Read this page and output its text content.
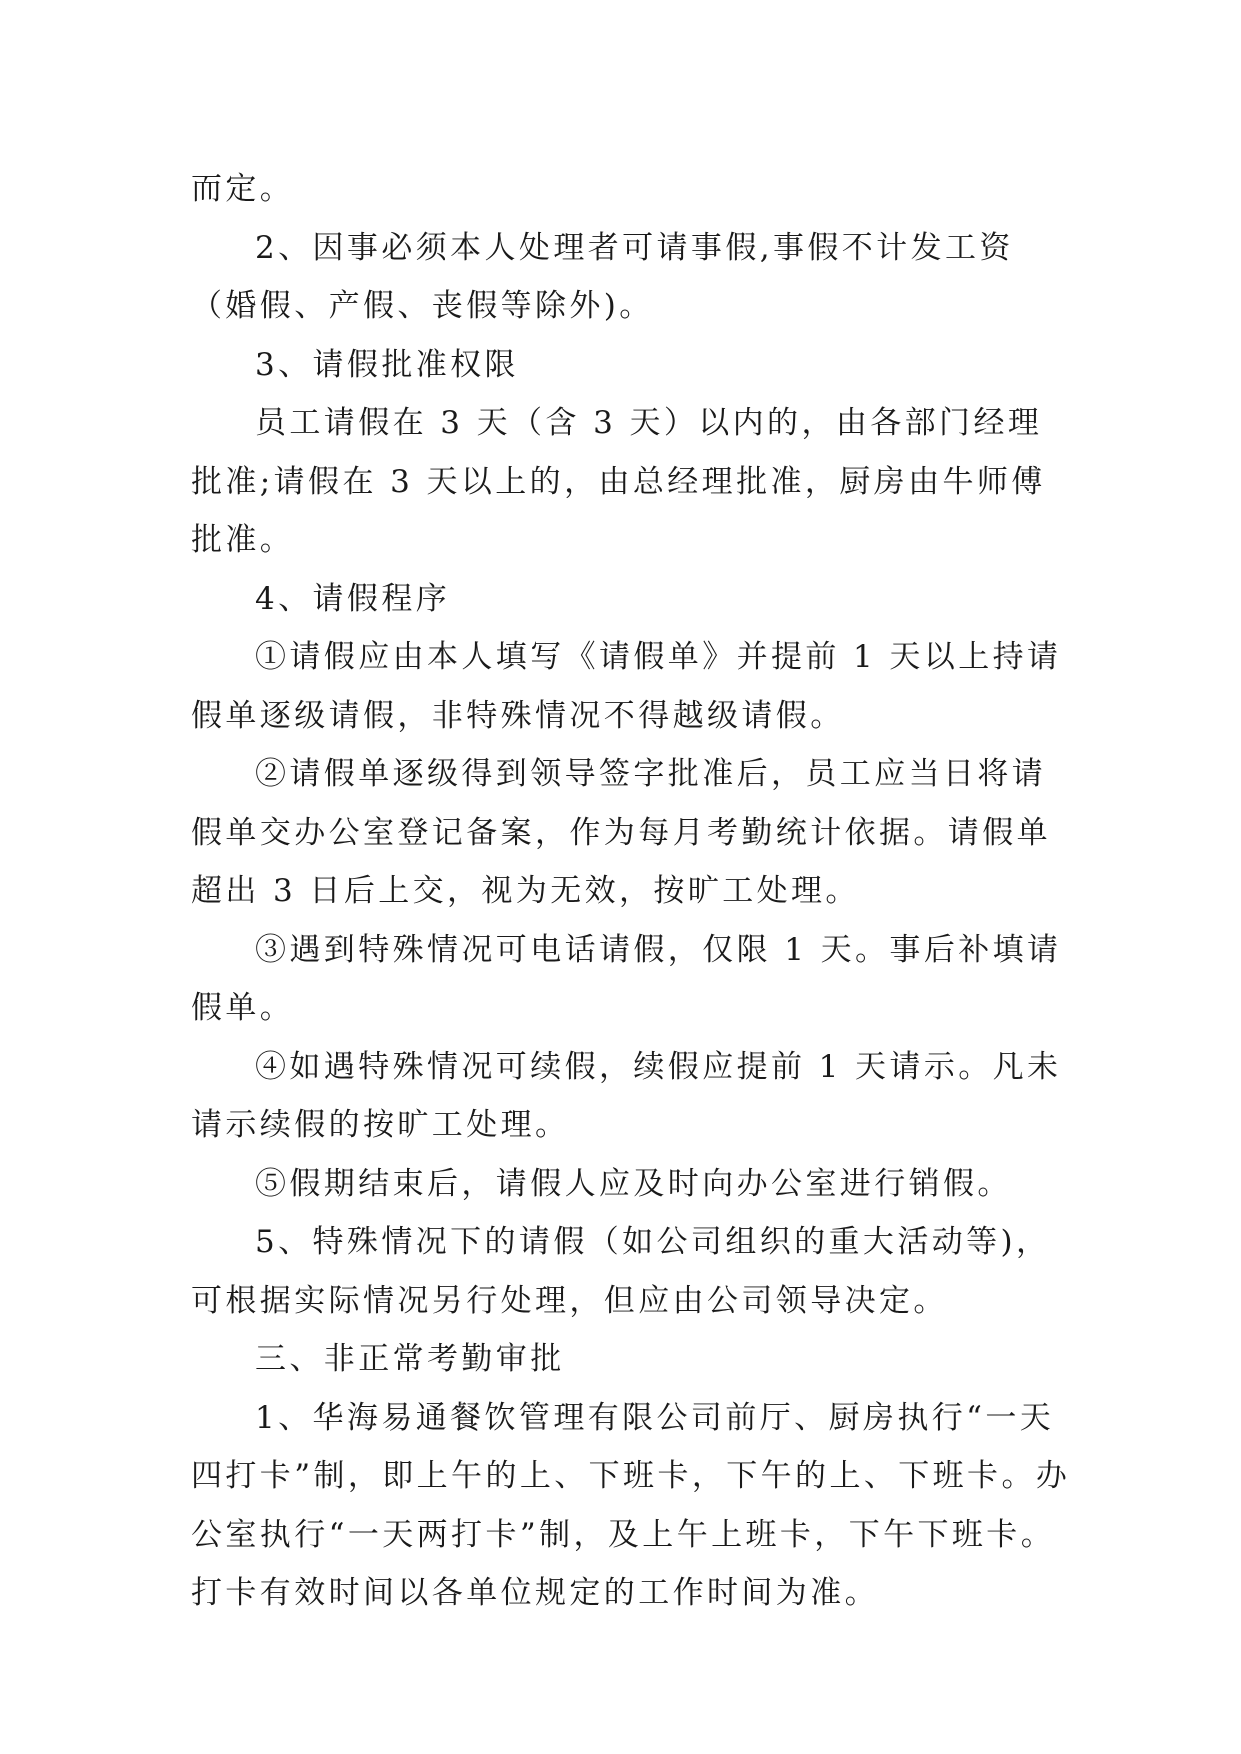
而定。

2、因事必须本人处理者可请事假,事假不计发工资（婚假、产假、丧假等除外)。

3、请假批准权限

员工请假在 3 天（含 3 天）以内的，由各部门经理批准;请假在 3 天以上的，由总经理批准，厨房由牛师傅批准。

4、请假程序

①请假应由本人填写《请假单》并提前 1 天以上持请假单逐级请假，非特殊情况不得越级请假。

②请假单逐级得到领导签字批准后，员工应当日将请假单交办公室登记备案，作为每月考勤统计依据。请假单超出 3 日后上交，视为无效，按旷工处理。

③遇到特殊情况可电话请假，仅限 1 天。事后补填请假单。

④如遇特殊情况可续假，续假应提前 1 天请示。凡未请示续假的按旷工处理。

⑤假期结束后，请假人应及时向办公室进行销假。

5、特殊情况下的请假（如公司组织的重大活动等)，可根据实际情况另行处理，但应由公司领导决定。

三、非正常考勤审批

1、华海易通餐饮管理有限公司前厅、厨房执行“一天四打卡”制，即上午的上、下班卡，下午的上、下班卡。办公室执行“一天两打卡”制，及上午上班卡，下午下班卡。打卡有效时间以各单位规定的工作时间为准。
